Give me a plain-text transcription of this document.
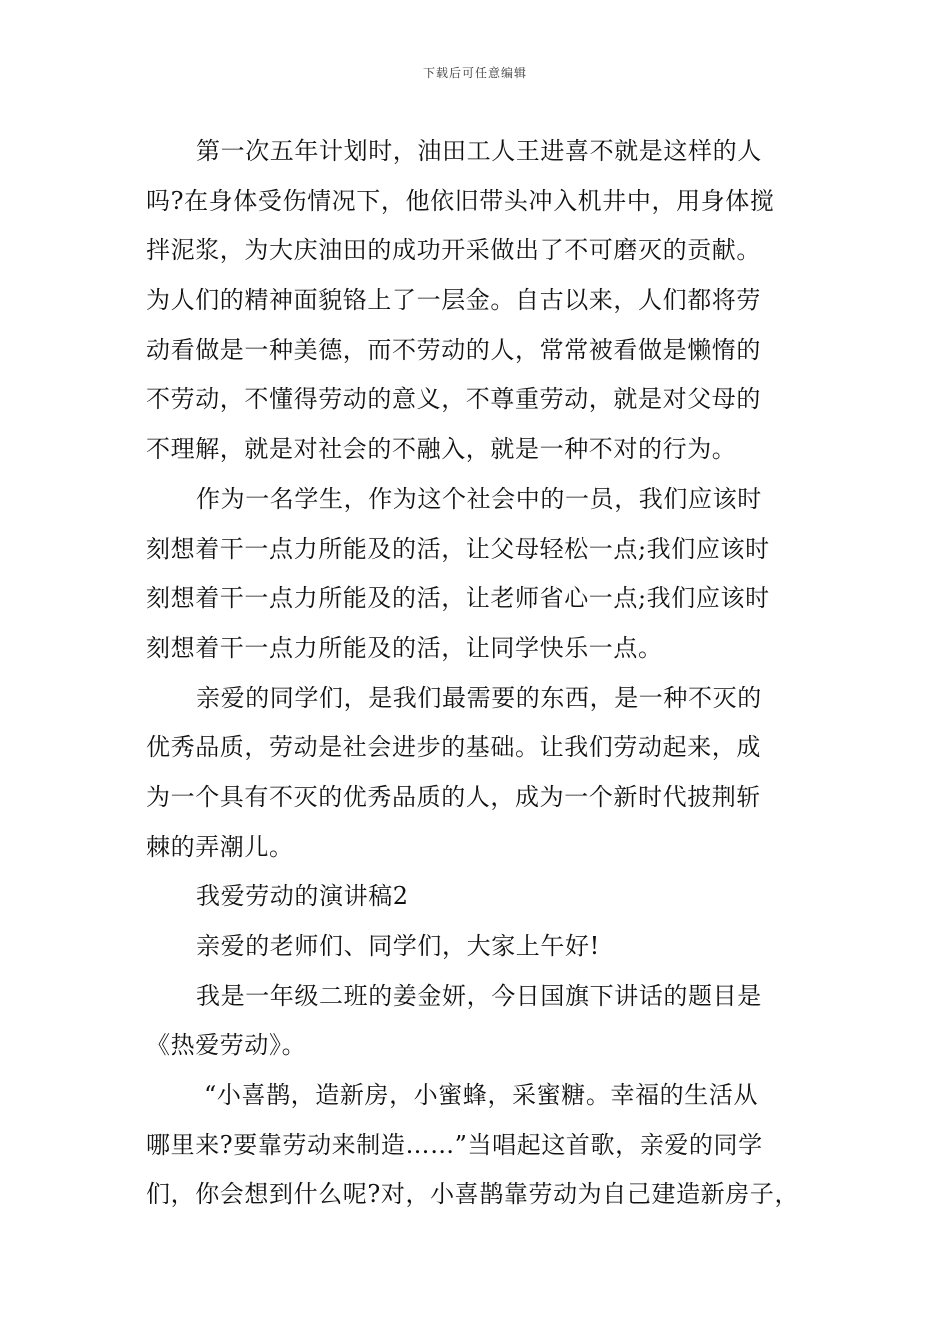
下载后可任意编辑
第一次五年计划时，油田工人王进喜不就是这样的人
吗?在身体受伤情况下，他依旧带头冲入机井中，用身体搅
拌泥浆，为大庆油田的成功开采做出了不可磨灭的贡献。
为人们的精神面貌铬上了一层金。自古以来，人们都将劳
动看做是一种美德，而不劳动的人，常常被看做是懒惰的
不劳动，不懂得劳动的意义，不尊重劳动，就是对父母的
不理解，就是对社会的不融入，就是一种不对的行为。
作为一名学生，作为这个社会中的一员，我们应该时
刻想着干一点力所能及的活，让父母轻松一点;我们应该时
刻想着干一点力所能及的活，让老师省心一点;我们应该时
刻想着干一点力所能及的活，让同学快乐一点。
亲爱的同学们，是我们最需要的东西，是一种不灭的
优秀品质，劳动是社会进步的基础。让我们劳动起来，成
为一个具有不灭的优秀品质的人，成为一个新时代披荆斩
棘的弄潮儿。
我爱劳动的演讲稿2
亲爱的老师们、同学们，大家上午好!
我是一年级二班的姜金妍，今日国旗下讲话的题目是
《热爱劳动》。
“小喜鹊，造新房，小蜜蜂，采蜜糖。幸福的生活从
哪里来?要靠劳动来制造……”当唱起这首歌，亲爱的同学
们，你会想到什么呢?对，小喜鹊靠劳动为自己建造新房子，
